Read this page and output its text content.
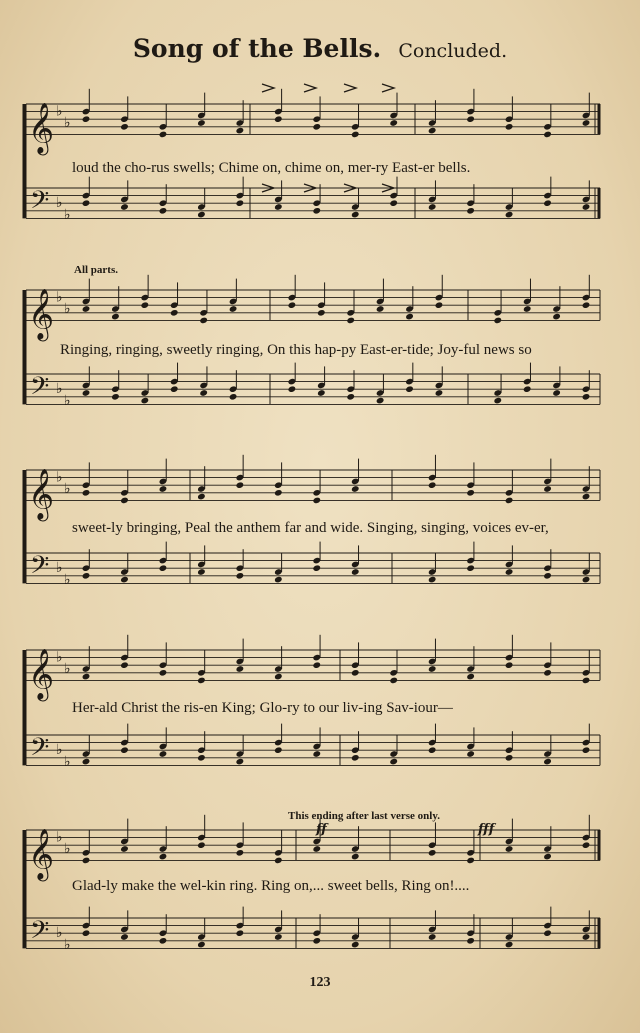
Song of the Bells. Concluded.
𝄞
𝄢
♭
♭
♭
♭
𝄞
𝄢
♭
♭
♭
♭
𝄞
𝄢
♭
♭
♭
♭
𝄞
𝄢
♭
♭
♭
♭
𝄞
𝄢
♭
♭
♭
♭
loud the cho-rus swells; Chime on, chime on, mer-ry East-er bells.
All parts.
Ringing, ringing, sweetly ringing, On this hap-py East-er-tide; Joy-ful news so
sweet-ly bringing, Peal the anthem far and wide. Singing, singing, voices ev-er,
Her-ald Christ the ris-en King; Glo-ry to our liv-ing Sav-iour—
This ending after last verse only.
ff	fff
Glad-ly make the wel-kin ring. Ring on,... sweet bells, Ring on!....
123
